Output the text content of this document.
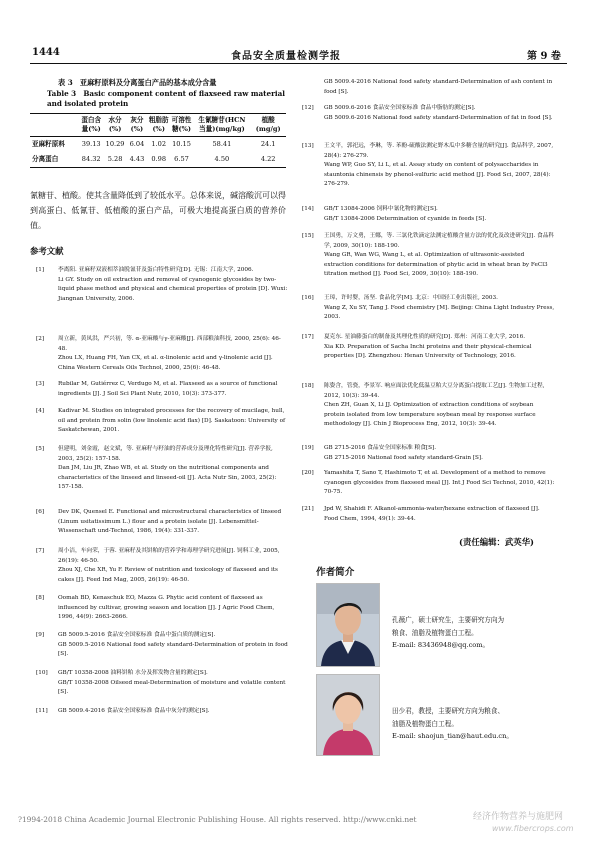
1444	食品安全质量检测学报	第 9 卷
表 3　亚麻籽原料及分离蛋白产品的基本成分含量
Table 3　Basic component content of flaxseed raw material and isolated protein
	蛋白含量(%)	水分(%)	灰分(%)	粗脂肪(%)	可溶性糖(%)	生氰糖苷(HCN 当量)(mg/kg)	植酸(mg/g)
亚麻籽原料	39.13	10.29	6.04	1.02	10.15	58.41	24.1
分离蛋白	84.32	5.28	4.43	0.98	6.57	4.50	4.22
氰糖苷、植酸。使其含量降低到了较低水平。总体来说，碱溶酸沉可以得到高蛋白、低氰苷、低植酸的蛋白产品，可极大地提高蛋白质的营养价值。
参考文献
[1] 李离阳. 亚麻籽双液相萃油脱氰苷及蛋白特性研究[D]. 无锡：江南大学, 2006.
Li GY. Study on oil extraction and removal of cyanogenic glycosides by two-liquid phase method and physical and chemical properties of protein [D]. Wuxi: Jiangnan University, 2006.
[2] 周立新，黄凤洪，严兴初，等. α-亚麻酸与γ-亚麻酸[J]. 西部粮油科技, 2000, 25(6): 46-48.
Zhou LX, Huang FH, Yan CX, et al. α-linolenic acid and γ-linolenic acid [J]. China Western Cereals Oils Technol, 2000, 25(6): 46-48.
[3] Rubilar M, Gutiérrez C, Verdugo M, et al. Flaxseed as a source of functional ingredients [J]. J Soil Sci Plant Nutr, 2010, 10(3): 373-377.
[4] Kadivar M. Studies on integrated processes for the recovery of mucilage, hull, oil and protein from solin (low linolenic acid flax) [D]. Saskatoon: University of Saskatchewan, 2001.
[5] 但建明，刘金霞，赵文斌，等. 亚麻籽与籽油的营养成分及理化特性研究[J]. 营养学报, 2003, 25(2): 157-158.
Dan JM, Liu JR, Zhao WB, et al. Study on the nutritional components and characteristics of the linseed and linseed-oil [J]. Acta Nutr Sin, 2003, 25(2): 157-158.
[6] Dev DK, Quensel E. Functional and microstructural characteristics of linseed (Linum usitatissimum L.) flour and a protein isolate [J]. Lebensmittel-Wissenschaft und-Technol, 1986, 19(4): 331-337.
[7] 周小洁，车向荣，于蓉. 亚麻籽及其饼粕的营养学和毒理学研究进展[J]. 饲料工业, 2005, 26(19): 46-50.
Zhou XJ, Che XR, Yu F. Review of nutrition and toxicology of flaxseed and its cakes [J]. Feed Ind Mag, 2005, 26(19): 46-50.
[8] Oomah BD, Kenaschuk EO, Mazza G. Phytic acid content of flaxseed as influenced by cultivar, growing season and location [J]. J Agric Food Chem, 1996, 44(9): 2663-2666.
[9] GB 5009.5-2016 食品安全国家标准 食品中蛋白质的测定[S].
GB 5009.5-2016 National food safety standard-Determination of protein in food [S].
[10] GB/T 10358-2008 油料饼粕 水分及挥发物含量的测定[S].
GB/T 10358-2008 Oilseed meal-Determination of moisture and volatile content [S].
[11] GB 5009.4-2016 食品安全国家标准 食品中灰分的测定[S].
GB 5009.4-2016 National food safety standard-Determination of ash content in food [S].
[12] GB 5009.6-2016 食品安全国家标准 食品中脂肪的测定[S].
GB 5009.6-2016 National food safety standard-Determination of fat in food [S].
[13] 王文平，郭祀远，李琳，等. 苯酚-硫酸法测定野木瓜中多糖含量的研究[J]. 食品科学, 2007, 28(4): 276-279.
Wang WP, Guo SY, Li L, et al. Assay study on content of polysaccharides in stauntonia chinensis by phenol-sulfuric acid method [J]. Food Sci, 2007, 28(4): 276-279.
[14] GB/T 13084-2006 饲料中氰化物的测定[S].
GB/T 13084-2006 Determination of cyanide in feeds [S].
[15] 王国勇，万文勇，王娜，等. 三氯化铁滴定法测定植酸含量方法的优化及改进研究[J]. 食品科学, 2009, 30(10): 188-190.
Wang GR, Wan WG, Wang L, et al. Optimization of ultrasonic-assisted extraction conditions for determination of phytic acid in wheat bran by FeCl3 titration method [J]. Food Sci, 2009, 30(10): 188-190.
[16] 王璋，许时婴，汤坚. 食品化学[M]. 北京：中国轻工业出版社, 2003.
Wang Z, Xu SY, Tang J. Food chemistry [M]. Beijing: China Light Industry Press, 2003.
[17] 夏克东. 星油藤蛋白的制备及其理化性质的研究[D]. 郑州：河南工业大学, 2016.
Xia KD. Preparation of Sacha Inchi proteins and their physical-chemical properties [D]. Zhengzhou: Henan University of Technology, 2016.
[18] 陈姿含，管骁，李景军. 响应面法优化低温豆粕大豆分离蛋白提取工艺[J]. 生物加工过程, 2012, 10(3): 39-44.
Chen ZH, Guan X, Li JJ. Optimization of extraction conditions of soybean protein isolated from low temperature soybean meal by response surface methodology [J]. Chin J Bioprocess Eng, 2012, 10(3): 39-44.
[19] GB 2715-2016 食品安全国家标准 粮食[S].
GB 2715-2016 National food safety standard-Grain [S].
[20] Yamashita T, Sano T, Hashimoto T, et al. Development of a method to remove cyanogen glycosides from flaxseed meal [J]. Int J Food Sci Technol, 2010, 42(1): 70-75.
[21] Jpd W, Shahidi F. Alkanol-ammonia-water/hexane extraction of flaxseed [J]. Food Chem, 1994, 49(1): 39-44.
(责任编辑：武英华)
作者简介
孔薇广，硕士研究生，主要研究方向为
粮食、油脂及植物蛋白工程。
E-mail: 83436948@qq.com。
田少君，教授，主要研究方向为粮食、
油脂及植物蛋白工程。
E-mail: shaojun_tian@haut.edu.cn。
?1994-2018 China Academic Journal Electronic Publishing House. All rights reserved. http://www.cnki.net	经济作物营养与施肥网
www.fibercrops.com
